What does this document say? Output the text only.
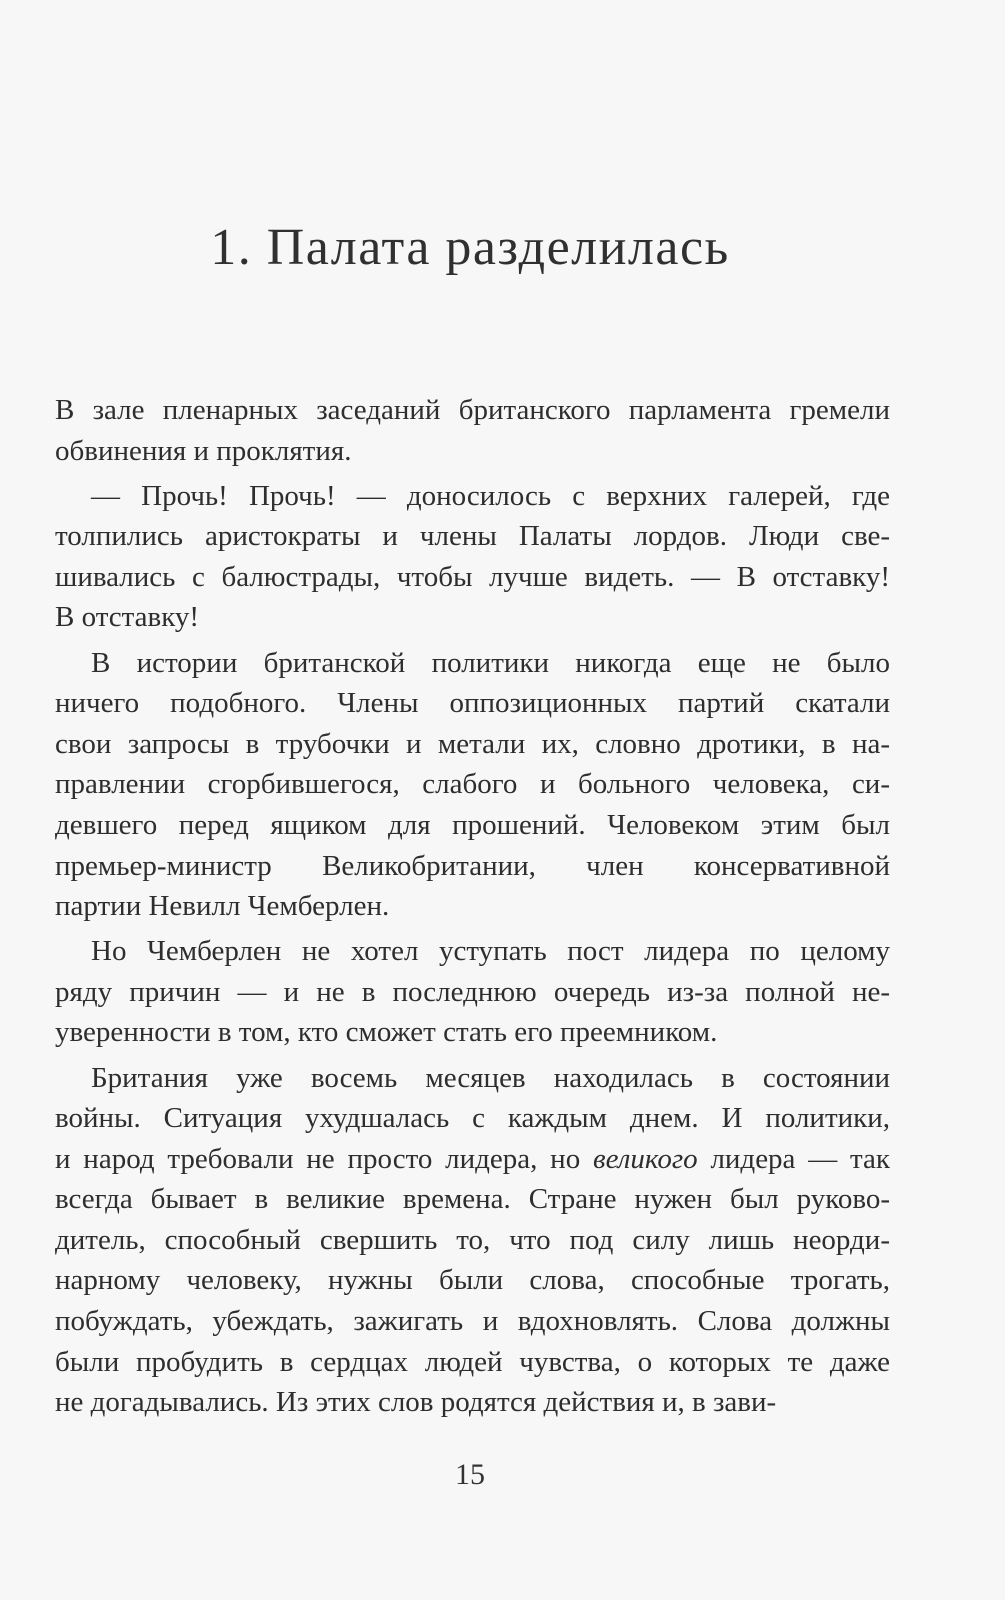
1. Палата разделилась
В зале пленарных заседаний британского парламента гремели
обвинения и проклятия.
— Прочь! Прочь! — доносилось с верхних галерей, где
толпились аристократы и члены Палаты лордов. Люди све-
шивались с балюстрады, чтобы лучше видеть. — В отставку!
В отставку!
В истории британской политики никогда еще не было
ничего подобного. Члены оппозиционных партий скатали
свои запросы в трубочки и метали их, словно дротики, в на-
правлении сгорбившегося, слабого и больного человека, си-
девшего перед ящиком для прошений. Человеком этим был
премьер-министр Великобритании, член консервативной
партии Невилл Чемберлен.
Но Чемберлен не хотел уступать пост лидера по целому
ряду причин — и не в последнюю очередь из-за полной не-
уверенности в том, кто сможет стать его преемником.
Британия уже восемь месяцев находилась в состоянии
войны. Ситуация ухудшалась с каждым днем. И политики,
и народ требовали не просто лидера, но великого лидера — так
всегда бывает в великие времена. Стране нужен был руково-
дитель, способный свершить то, что под силу лишь неорди-
нарному человеку, нужны были слова, способные трогать,
побуждать, убеждать, зажигать и вдохновлять. Слова должны
были пробудить в сердцах людей чувства, о которых те даже
не догадывались. Из этих слов родятся действия и, в зави-
15
